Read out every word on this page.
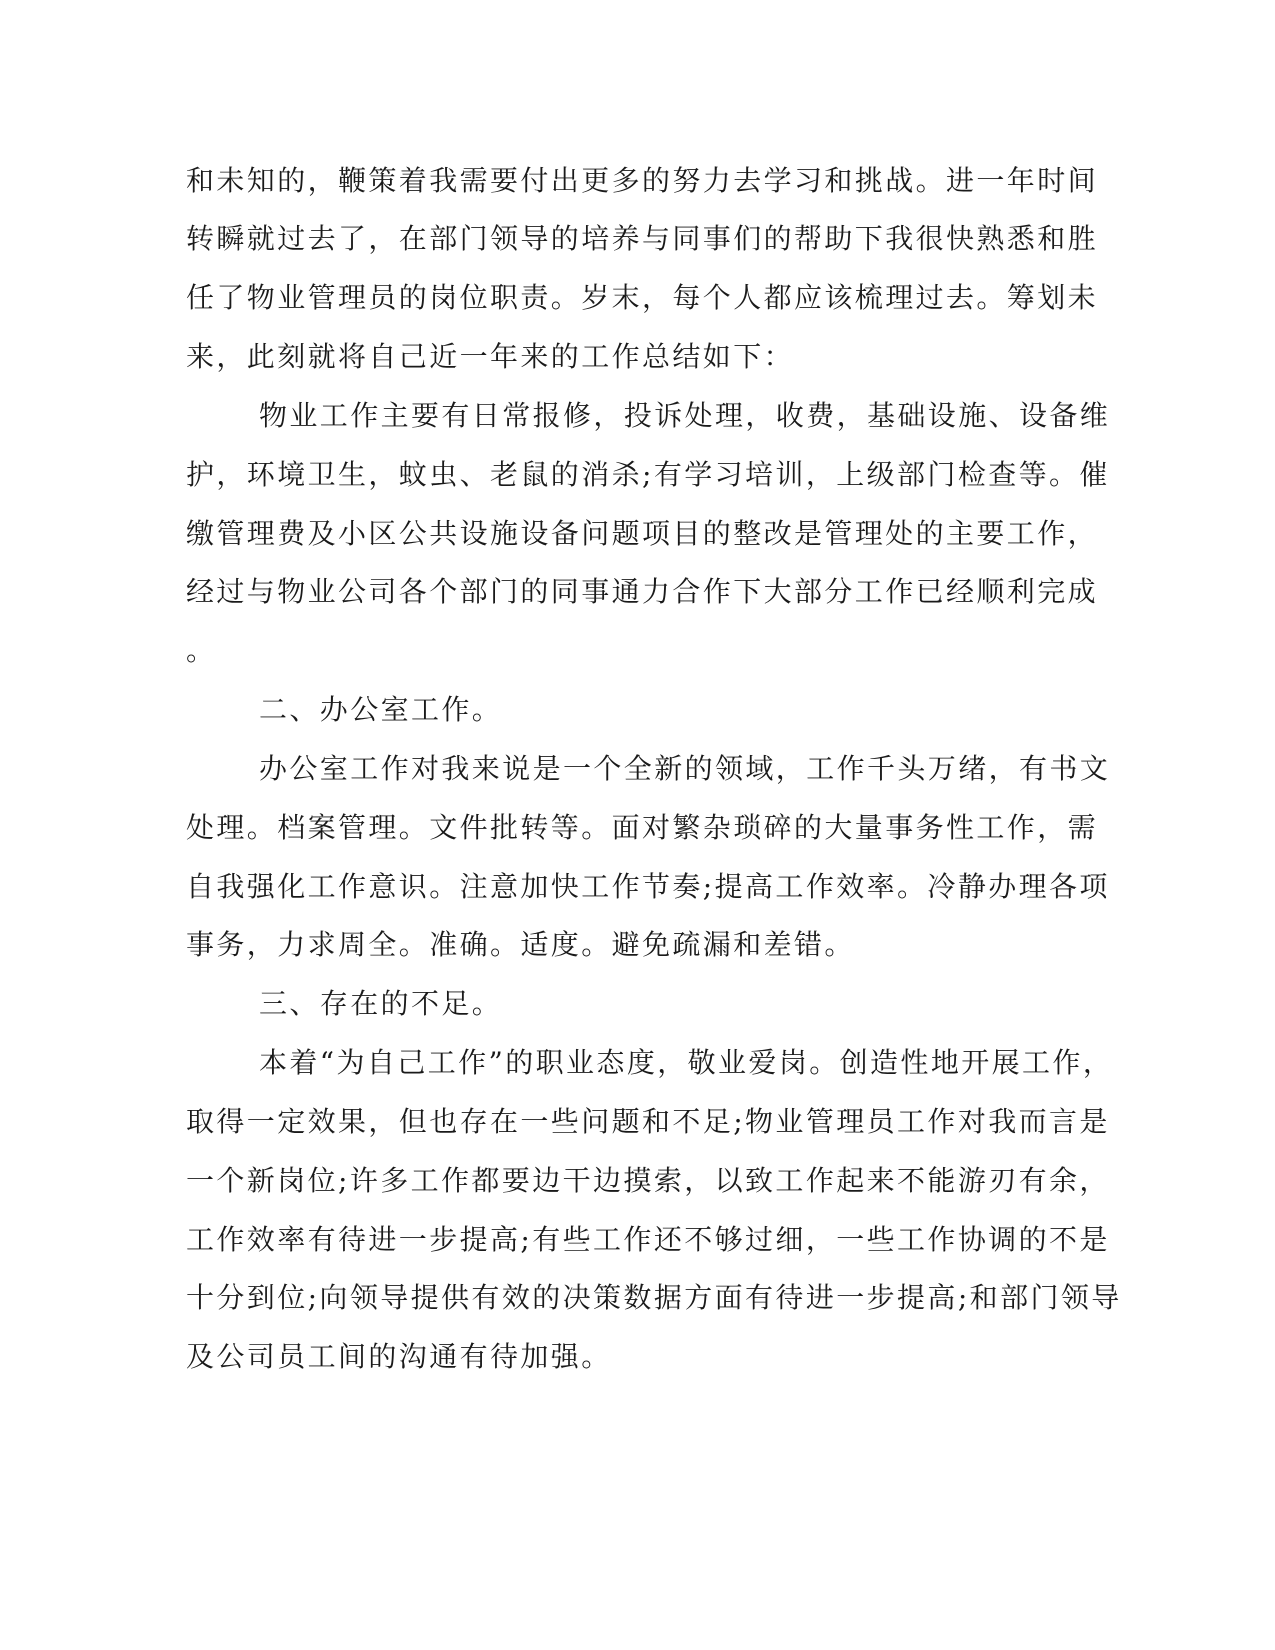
和未知的，鞭策着我需要付出更多的努力去学习和挑战。进一年时间

转瞬就过去了，在部门领导的培养与同事们的帮助下我很快熟悉和胜

任了物业管理员的岗位职责。岁末，每个人都应该梳理过去。筹划未

来，此刻就将自己近一年来的工作总结如下：

物业工作主要有日常报修，投诉处理，收费，基础设施、设备维

护，环境卫生，蚊虫、老鼠的消杀;有学习培训，上级部门检查等。催

缴管理费及小区公共设施设备问题项目的整改是管理处的主要工作，

经过与物业公司各个部门的同事通力合作下大部分工作已经顺利完成

。

二、办公室工作。

办公室工作对我来说是一个全新的领域，工作千头万绪，有书文

处理。档案管理。文件批转等。面对繁杂琐碎的大量事务性工作，需

自我强化工作意识。注意加快工作节奏;提高工作效率。冷静办理各项

事务，力求周全。准确。适度。避免疏漏和差错。

三、存在的不足。

本着“为自己工作”的职业态度，敬业爱岗。创造性地开展工作，

取得一定效果，但也存在一些问题和不足;物业管理员工作对我而言是

一个新岗位;许多工作都要边干边摸索，以致工作起来不能游刃有余，

工作效率有待进一步提高;有些工作还不够过细，一些工作协调的不是

十分到位;向领导提供有效的决策数据方面有待进一步提高;和部门领导

及公司员工间的沟通有待加强。
